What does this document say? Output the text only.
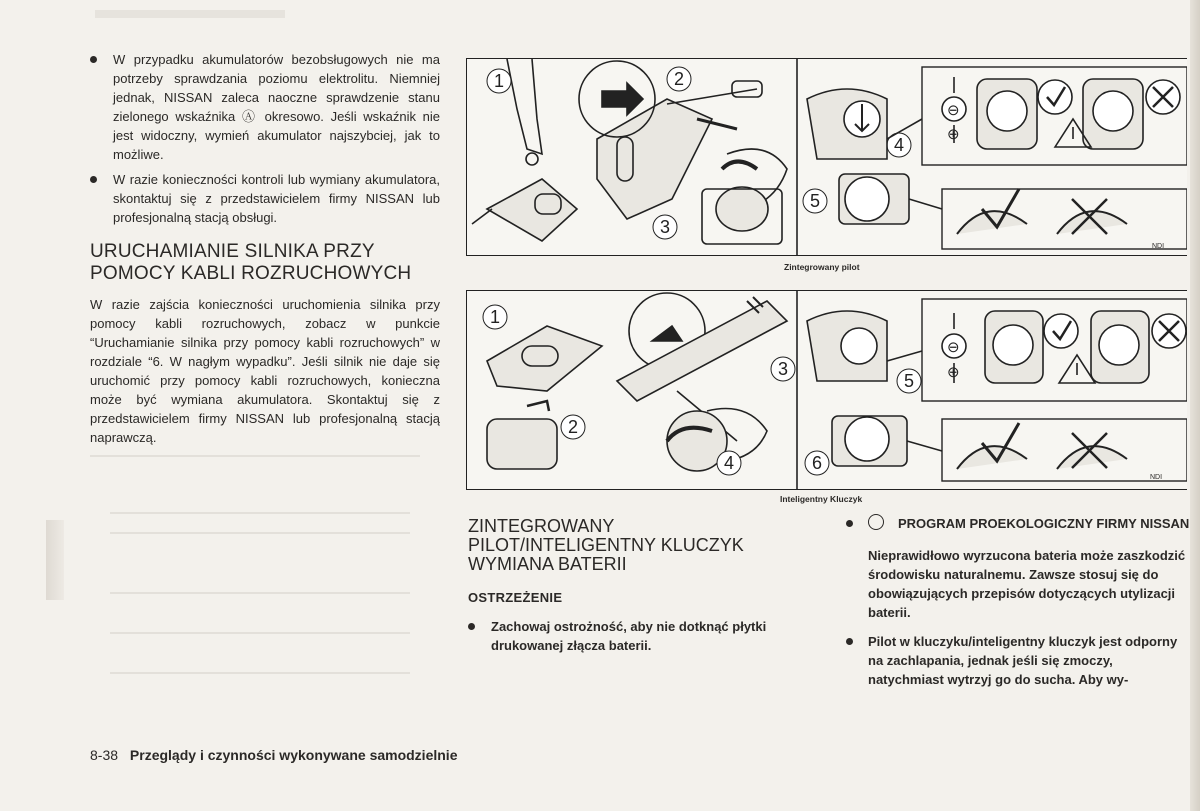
W przypadku akumulatorów bezobsługowych nie ma potrzeby sprawdzania poziomu elektrolitu. Niemniej jednak, NISSAN zaleca naoczne sprawdzenie stanu zielonego wskaźnika Ⓐ okresowo. Jeśli wskaźnik nie jest widoczny, wymień akumulator najszybciej, jak to możliwe.
W razie konieczności kontroli lub wymiany akumulatora, skontaktuj się z przedstawicielem firmy NISSAN lub profesjonalną stacją obsługi.
URUCHAMIANIE SILNIKA PRZY POMOCY KABLI ROZRUCHOWYCH
W razie zajścia konieczności uruchomienia silnika przy pomocy kabli rozruchowych, zobacz w punkcie “Uruchamianie silnika przy pomocy kabli rozruchowych” w rozdziale “6. W nagłym wypadku”. Jeśli silnik nie daje się uruchomić przy pomocy kabli rozruchowych, konieczna może być wymiana akumulatora. Skontaktuj się z przedstawicielem firmy NISSAN lub profesjonalną stacją naprawczą.
1	2
3
4
5
⊖
⊕
Zintegrowany pilot
NDI
1
2
3
4
5
6
⊖
⊕
Inteligentny Kluczyk
NDI
ZINTEGROWANY
PILOT/INTELIGENTNY KLUCZYK
WYMIANA BATERII
OSTRZEŻENIE
Zachowaj ostrożność, aby nie dotknąć płytki drukowanej złącza baterii.
PROGRAM PROEKOLOGICZNY FIRMY NISSAN
Nieprawidłowo wyrzucona bateria może zaszkodzić środowisku naturalnemu. Zawsze stosuj się do obowiązujących przepisów dotyczących utylizacji baterii.
Pilot w kluczyku/inteligentny kluczyk jest odporny na zachlapania, jednak jeśli się zmoczy, natychmiast wytrzyj go do sucha. Aby wy-
8-38 Przeglądy i czynności wykonywane samodzielnie
